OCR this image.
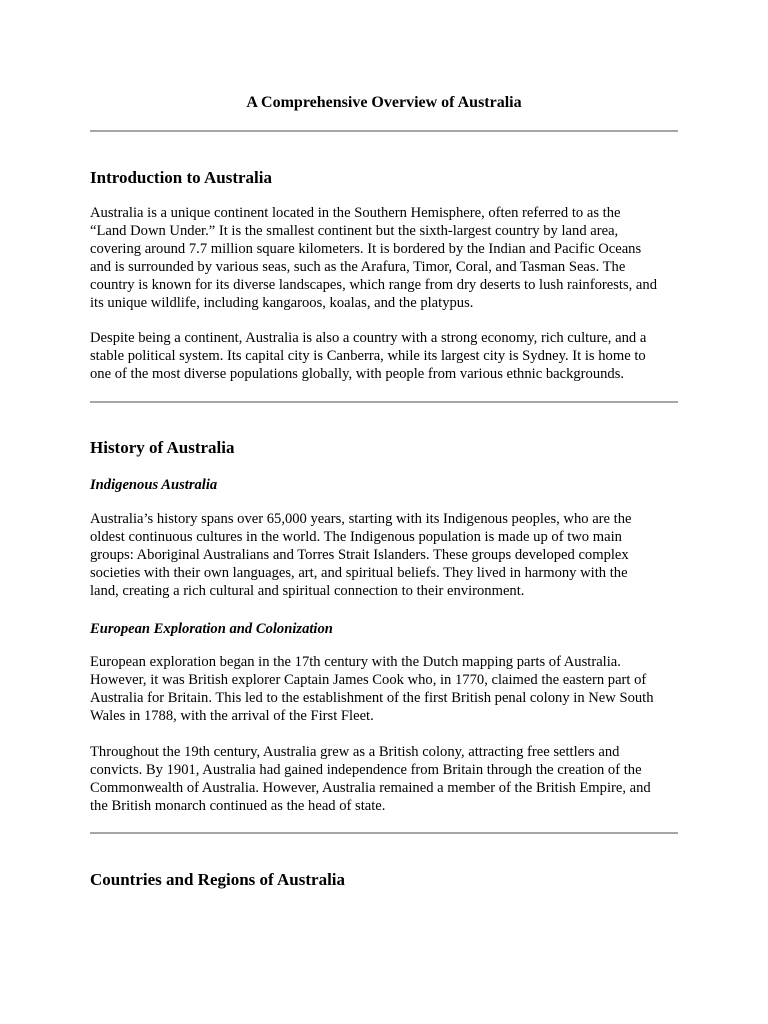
A Comprehensive Overview of Australia
Introduction to Australia

Australia is a unique continent located in the Southern Hemisphere, often referred to as the
“Land Down Under.” It is the smallest continent but the sixth-largest country by land area,
covering around 7.7 million square kilometers. It is bordered by the Indian and Pacific Oceans
and is surrounded by various seas, such as the Arafura, Timor, Coral, and Tasman Seas. The
country is known for its diverse landscapes, which range from dry deserts to lush rainforests, and
its unique wildlife, including kangaroos, koalas, and the platypus.

Despite being a continent, Australia is also a country with a strong economy, rich culture, and a
stable political system. Its capital city is Canberra, while its largest city is Sydney. It is home to
one of the most diverse populations globally, with people from various ethnic backgrounds.

History of Australia
Indigenous Australia

Australia’s history spans over 65,000 years, starting with its Indigenous peoples, who are the
oldest continuous cultures in the world. The Indigenous population is made up of two main
groups: Aboriginal Australians and Torres Strait Islanders. These groups developed complex
societies with their own languages, art, and spiritual beliefs. They lived in harmony with the
land, creating a rich cultural and spiritual connection to their environment.

European Exploration and Colonization

European exploration began in the 17th century with the Dutch mapping parts of Australia.
However, it was British explorer Captain James Cook who, in 1770, claimed the eastern part of
Australia for Britain. This led to the establishment of the first British penal colony in New South
Wales in 1788, with the arrival of the First Fleet.

Throughout the 19th century, Australia grew as a British colony, attracting free settlers and
convicts. By 1901, Australia had gained independence from Britain through the creation of the
Commonwealth of Australia. However, Australia remained a member of the British Empire, and
the British monarch continued as the head of state.

Countries and Regions of Australia
